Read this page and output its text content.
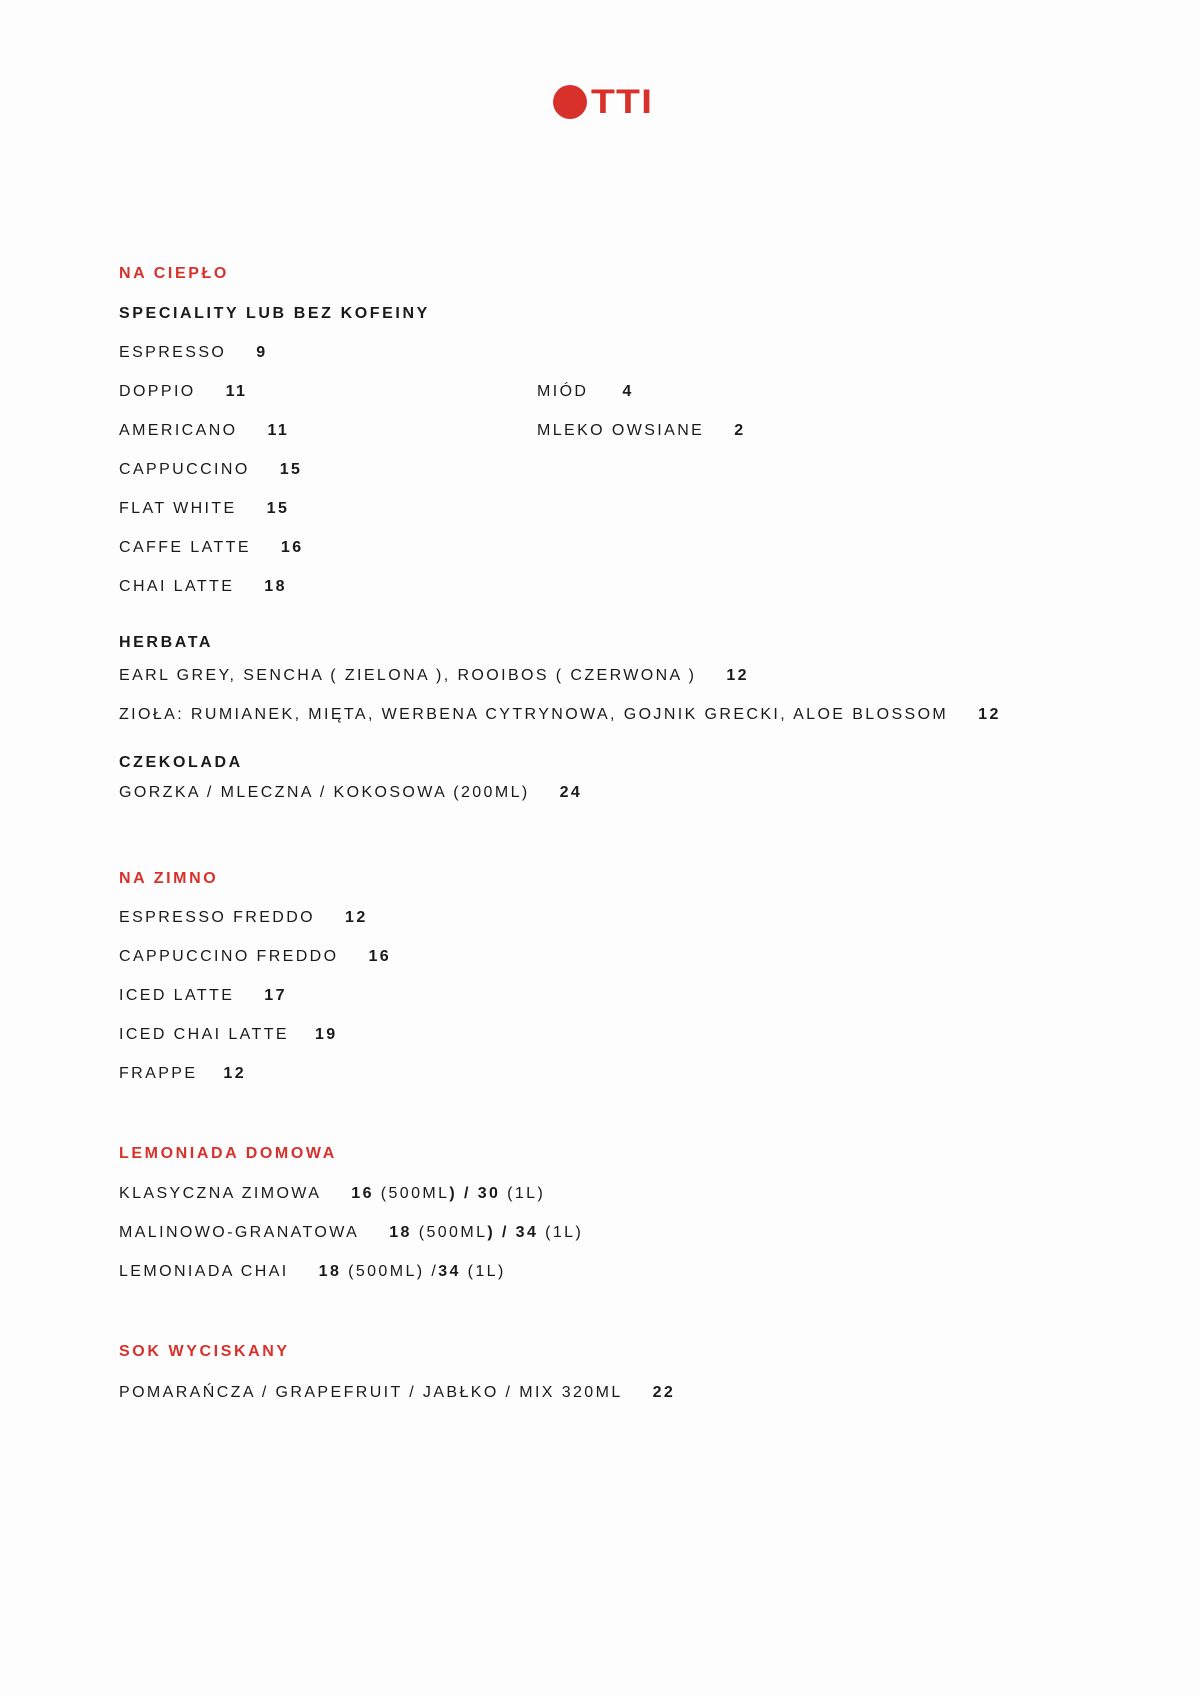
TTI
NA CIEPŁO
SPECIALITY LUB BEZ KOFEINY
ESPRESSO 9
DOPPIO 11
AMERICANO 11
CAPPUCCINO 15
FLAT WHITE 15
CAFFE LATTE 16
CHAI LATTE 18
MIÓD 4
MLEKO OWSIANE 2
HERBATA
EARL GREY, SENCHA ( ZIELONA ), ROOIBOS ( CZERWONA ) 12
ZIOŁA: RUMIANEK, MIĘTA, WERBENA CYTRYNOWA, GOJNIK GRECKI, ALOE BLOSSOM 12
CZEKOLADA
GORZKA / MLECZNA / KOKOSOWA (200ML) 24
NA ZIMNO
ESPRESSO FREDDO 12
CAPPUCCINO FREDDO 16
ICED LATTE 17
ICED CHAI LATTE 19
FRAPPE 12
LEMONIADA DOMOWA
KLASYCZNA ZIMOWA 16 (500ML) / 30 (1L)
MALINOWO-GRANATOWA 18 (500ML) / 34 (1L)
LEMONIADA CHAI 18 (500ML) /34 (1L)
SOK WYCISKANY
POMARAŃCZA / GRAPEFRUIT / JABŁKO / MIX 320ML 22
